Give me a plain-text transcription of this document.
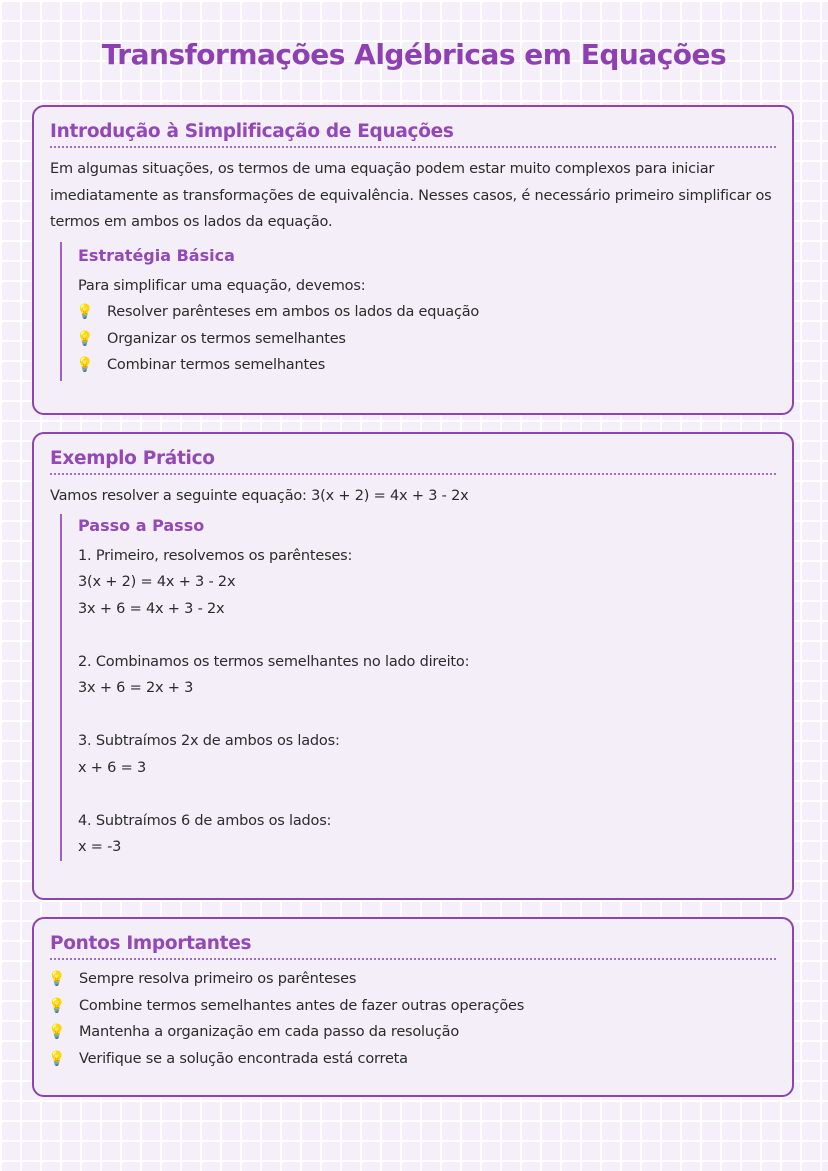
Transformações Algébricas em Equações
Introdução à Simplificação de Equações

Em algumas situações, os termos de uma equação podem estar muito complexos para iniciar imediatamente as transformações de equivalência. Nesses casos, é necessário primeiro simplificar os termos em ambos os lados da equação.

Estratégia Básica

Para simplificar uma equação, devemos:

💡 Resolver parênteses em ambos os lados da equação
💡 Organizar os termos semelhantes
💡 Combinar termos semelhantes
Exemplo Prático

Vamos resolver a seguinte equação: 3(x + 2) = 4x + 3 - 2x

Passo a Passo

1. Primeiro, resolvemos os parênteses:

3(x + 2) = 4x + 3 - 2x

3x + 6 = 4x + 3 - 2x

2. Combinamos os termos semelhantes no lado direito:

3x + 6 = 2x + 3

3. Subtraímos 2x de ambos os lados:

x + 6 = 3

4. Subtraímos 6 de ambos os lados:

x = -3

Pontos Importantes
💡 Sempre resolva primeiro os parênteses
💡 Combine termos semelhantes antes de fazer outras operações
💡 Mantenha a organização em cada passo da resolução
💡 Verifique se a solução encontrada está correta
